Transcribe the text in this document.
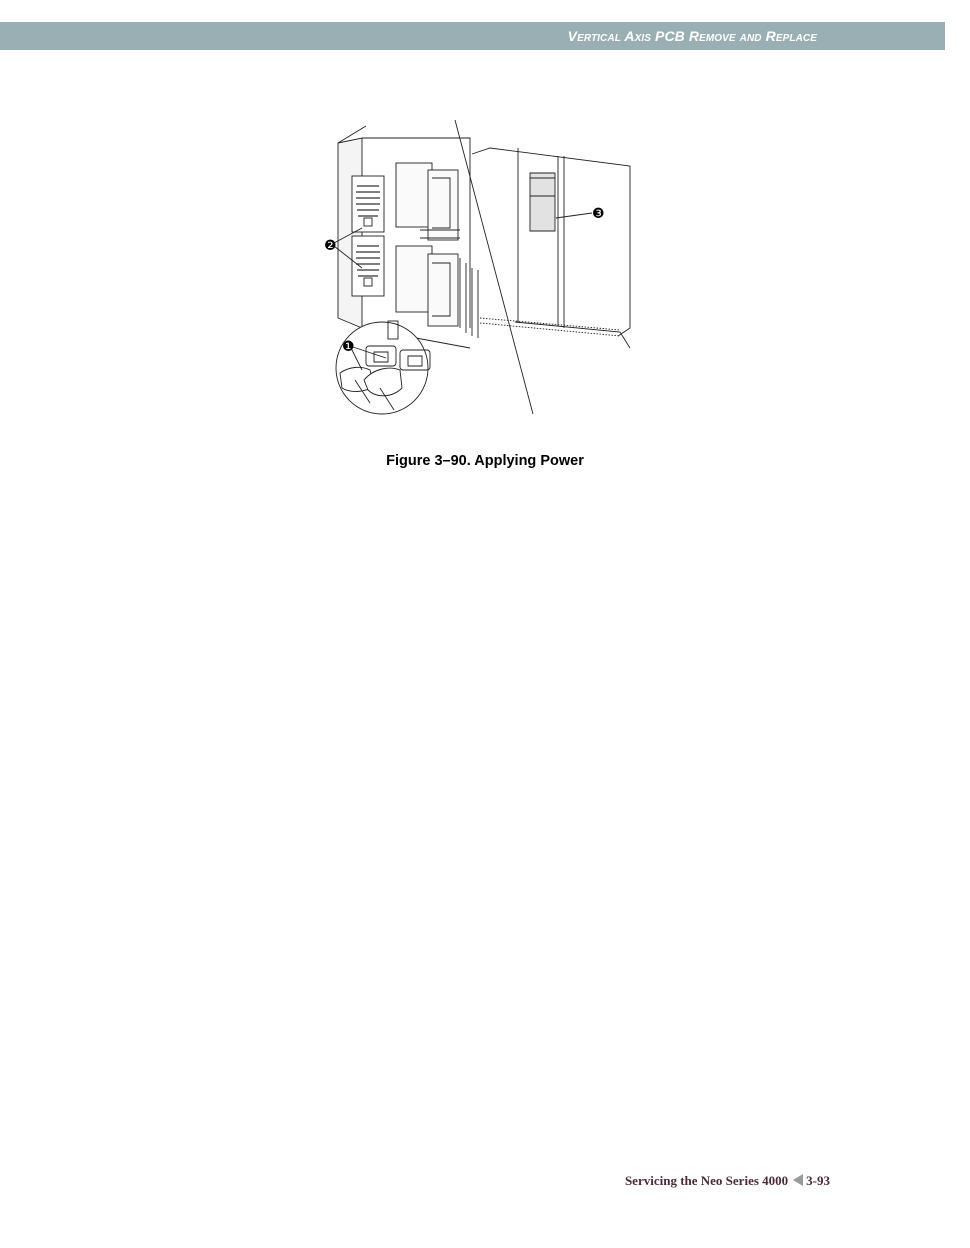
Vertical Axis PCB Remove and Replace
❷
❶
❸
Figure 3–90. Applying Power
Servicing the Neo Series 4000 3-93
